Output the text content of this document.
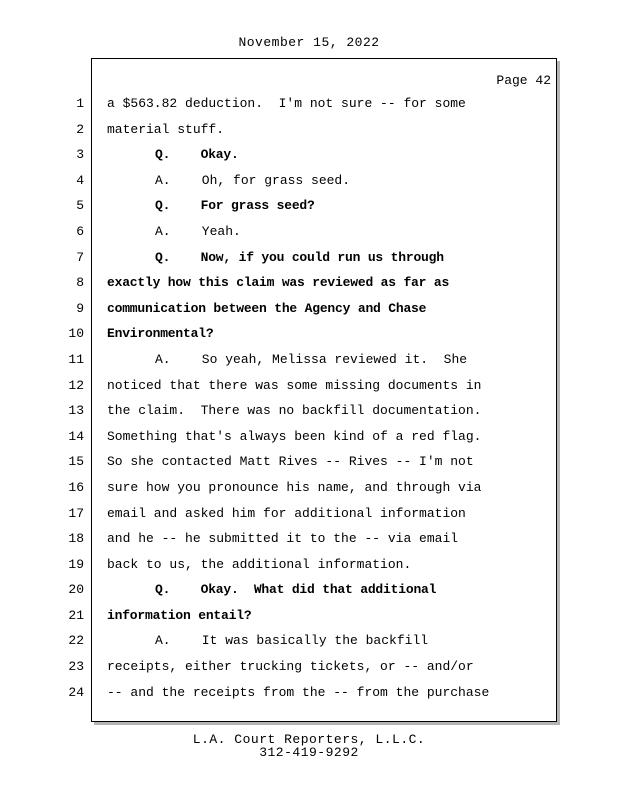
November 15, 2022
Page 42
1 a $563.82 deduction.  I'm not sure -- for some
2 material stuff.
3	Q.    Okay.
4	A.    Oh, for grass seed.
5	Q.    For grass seed?
6	A.    Yeah.
7	Q.    Now, if you could run us through
8 exactly how this claim was reviewed as far as
9 communication between the Agency and Chase
10 Environmental?
11	A.    So yeah, Melissa reviewed it.  She
12 noticed that there was some missing documents in
13 the claim.  There was no backfill documentation.
14 Something that's always been kind of a red flag.
15 So she contacted Matt Rives -- Rives -- I'm not
16 sure how you pronounce his name, and through via
17 email and asked him for additional information
18 and he -- he submitted it to the -- via email
19 back to us, the additional information.
20	Q.    Okay.  What did that additional
21 information entail?
22	A.    It was basically the backfill
23 receipts, either trucking tickets, or -- and/or
24 -- and the receipts from the -- from the purchase
L.A. Court Reporters, L.L.C.
312-419-9292
